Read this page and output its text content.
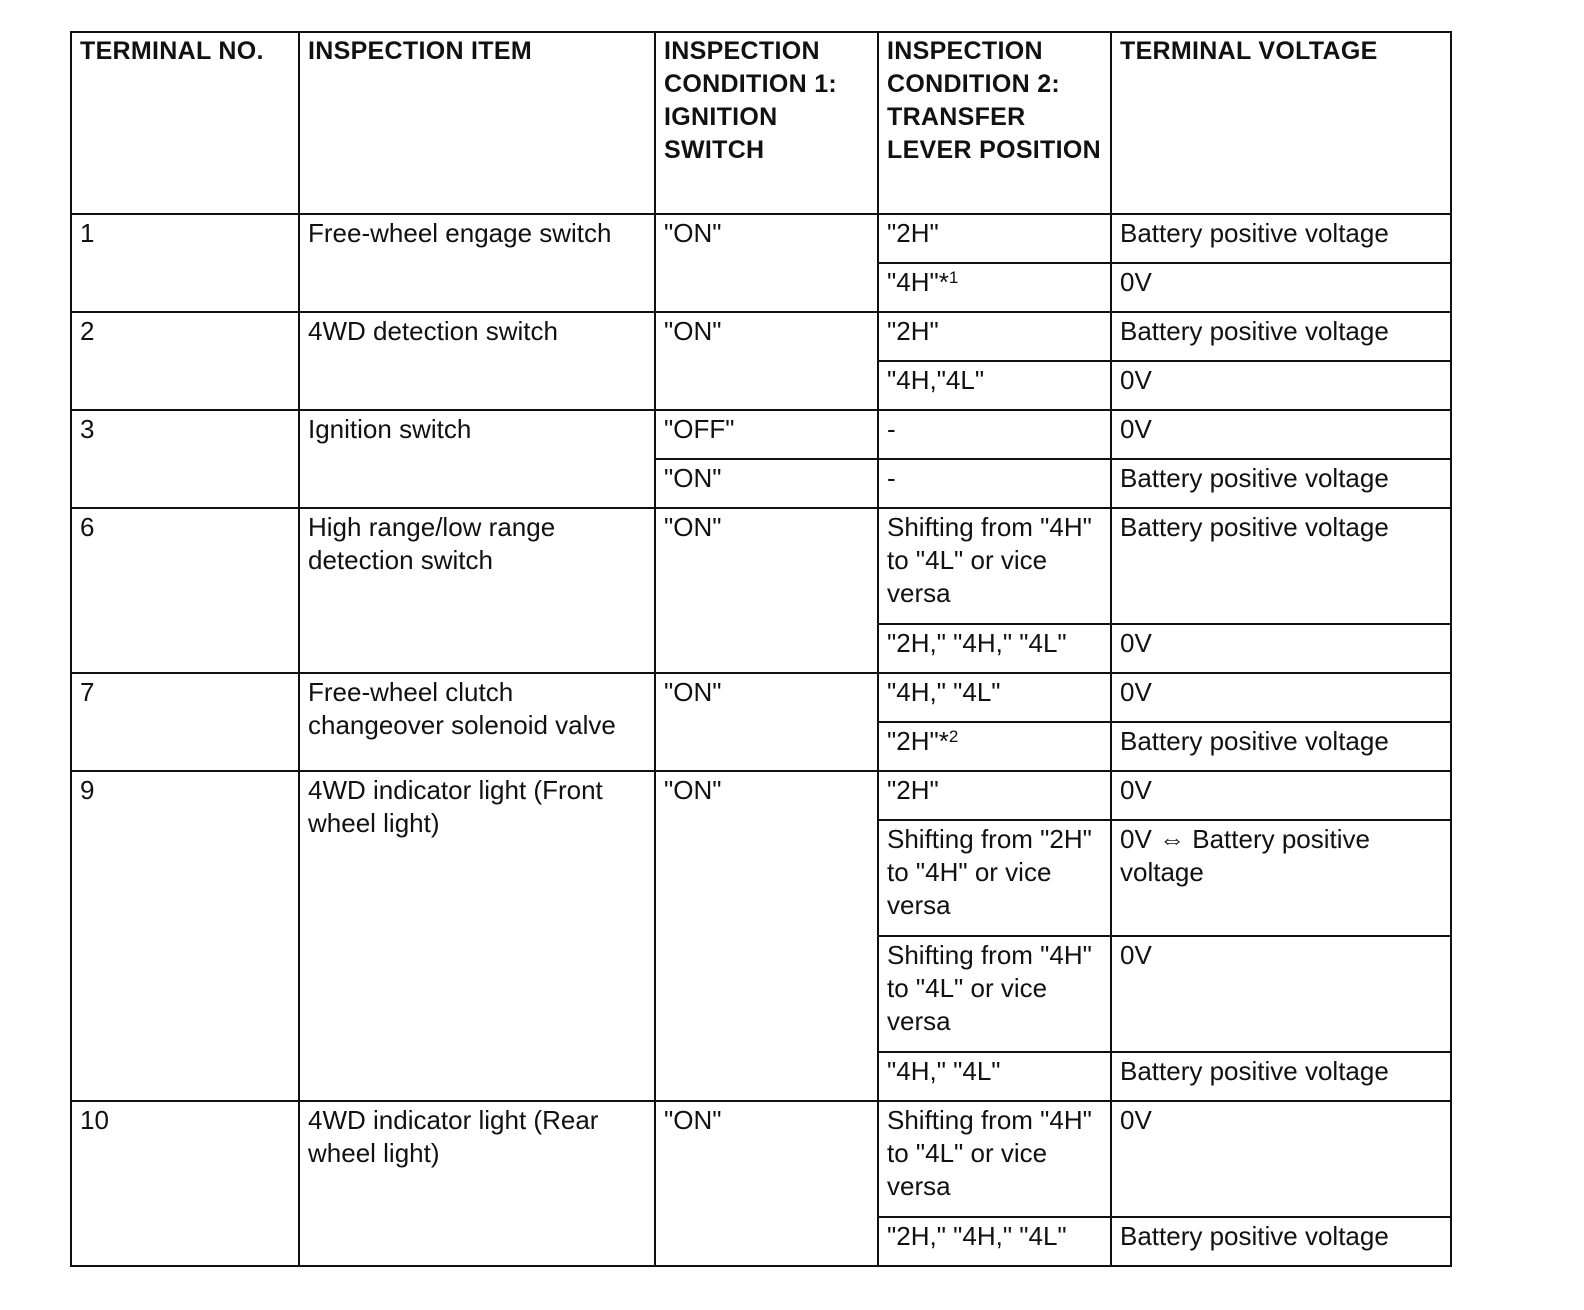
TERMINAL NO.	INSPECTION ITEM	INSPECTION CONDITION 1: IGNITION SWITCH	INSPECTION CONDITION 2: TRANSFER LEVER POSITION	TERMINAL VOLTAGE
1	Free-wheel engage switch	"ON"	"2H"	Battery positive voltage
			"4H"*$^1$	0V
2	4WD detection switch	"ON"	"2H"	Battery positive voltage
			"4H,"4L"	0V
3	Ignition switch	"OFF"	-	0V
		"ON"	-	Battery positive voltage
6	High range/low range detection switch	"ON"	Shifting from "4H" to "4L" or vice versa	Battery positive voltage
			"2H," "4H," "4L"	0V
7	Free-wheel clutch changeover solenoid valve	"ON"	"4H," "4L"	0V
			"2H"*$^2$	Battery positive voltage
9	4WD indicator light (Front wheel light)	"ON"	"2H"	0V
			Shifting from "2H" to "4H" or vice versa	0V ⇔ Battery positive voltage
			Shifting from "4H" to "4L" or vice versa	0V
			"4H," "4L"	Battery positive voltage
10	4WD indicator light (Rear wheel light)	"ON"	Shifting from "4H" to "4L" or vice versa	0V
			"2H," "4H," "4L"	Battery positive voltage
